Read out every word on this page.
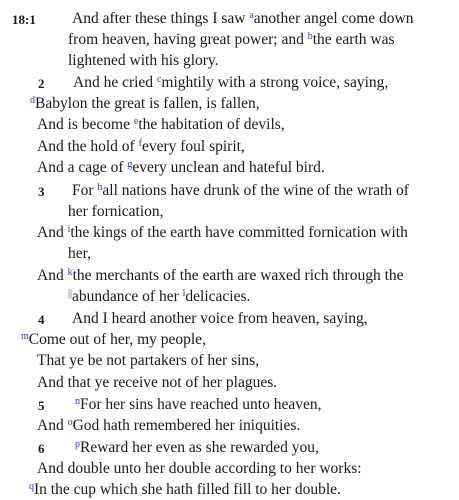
18:1 And after these things I saw $^a$another angel come down
from heaven, having great power; and $^b$the earth was
lightened with his glory.
2 And he cried $^c$mightily with a strong voice, saying,
$^d$Babylon the great is fallen, is fallen,
And is become $^e$the habitation of devils,
And the hold of $^f$every foul spirit,
And a cage of $^g$every unclean and hateful bird.
3 For $^h$all nations have drunk of the wine of the wrath of
her fornication,
And $^i$the kings of the earth have committed fornication with
her,
And $^k$the merchants of the earth are waxed rich through the
||abundance of her $^l$delicacies.
4 And I heard another voice from heaven, saying,
$^m$Come out of her, my people,
That ye be not partakers of her sins,
And that ye receive not of her plagues.
5	$^n$For her sins have reached unto heaven,
And $^o$God hath remembered her iniquities.
6	$^p$Reward her even as she rewarded you,
And double unto her double according to her works:
$^q$In the cup which she hath filled fill to her double.
